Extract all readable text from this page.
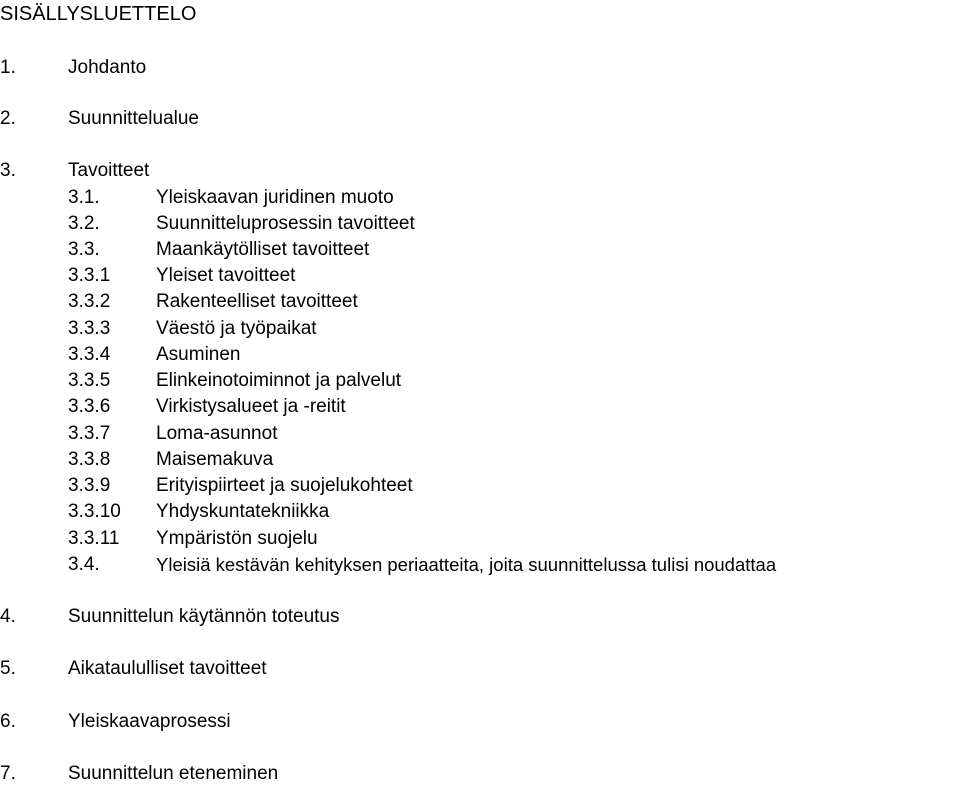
SISÄLLYSLUETTELO
1.	Johdanto
2.	Suunnittelualue
3.	Tavoitteet
3.1.	Yleiskaavan juridinen muoto
3.2.	Suunnitteluprosessin tavoitteet
3.3.	Maankäytölliset tavoitteet
3.3.1 Yleiset tavoitteet
3.3.2 Rakenteelliset tavoitteet
3.3.3 Väestö ja työpaikat
3.3.4 Asuminen
3.3.5 Elinkeinotoiminnot ja palvelut
3.3.6 Virkistysalueet ja -reitit
3.3.7 Loma-asunnot
3.3.8 Maisemakuva
3.3.9 Erityispiirteet ja suojelukohteet
3.3.10 Yhdyskuntatekniikka
3.3.11 Ympäristön suojelu
3.4.	Yleisiä kestävän kehityksen periaatteita, joita suunnittelussa tulisi noudattaa
4.	Suunnittelun käytännön toteutus
5.	Aikataululliset tavoitteet
6.	Yleiskaavaprosessi
7.	Suunnittelun eteneminen
